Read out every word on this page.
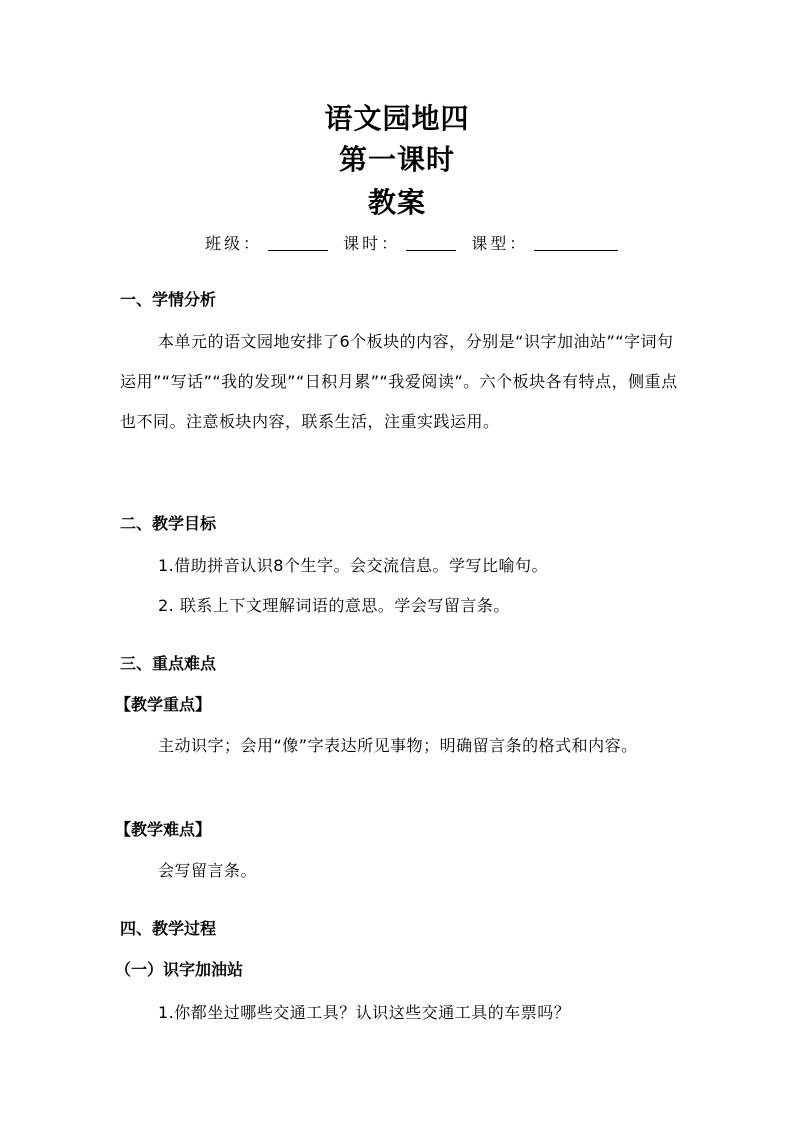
语文园地四
第一课时
教案
班级：	课时：	课型：
一、学情分析
本单元的语文园地安排了6个板块的内容，分别是“识字加油站”“字词句运用”“写话”“我的发现”“日积月累”“我爱阅读”。六个板块各有特点，侧重点也不同。注意板块内容，联系生活，注重实践运用。
二、教学目标
1.借助拼音认识8个生字。会交流信息。学写比喻句。
2. 联系上下文理解词语的意思。学会写留言条。
三、重点难点
【教学重点】
主动识字；会用“像”字表达所见事物；明确留言条的格式和内容。
【教学难点】
会写留言条。
四、教学过程
（一）识字加油站
1.你都坐过哪些交通工具？认识这些交通工具的车票吗？
